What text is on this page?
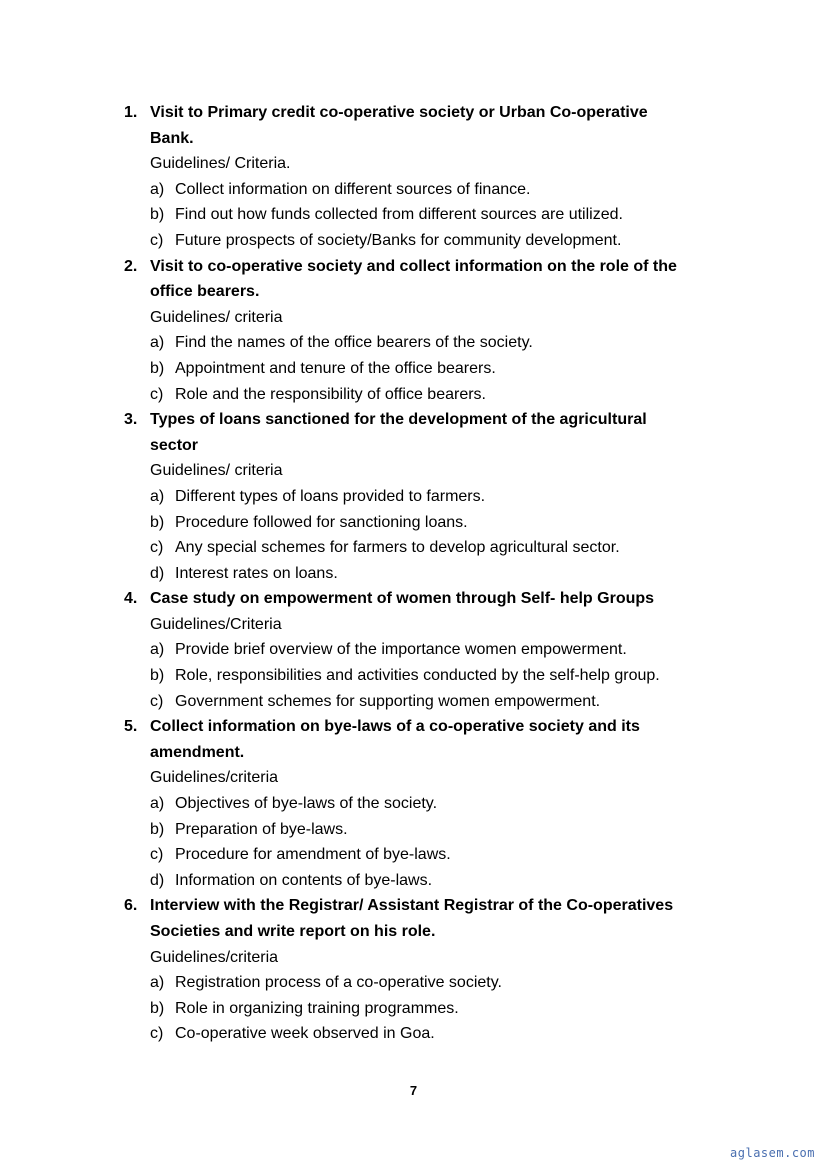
1. Visit to Primary credit co-operative society or Urban Co-operative
Bank.
Guidelines/ Criteria.
a) Collect information on different sources of finance.
b) Find out how funds collected from different sources are utilized.
c) Future prospects of society/Banks for community development.
2. Visit to co-operative society and collect information on the role of the
office bearers.
Guidelines/ criteria
a) Find the names of the office bearers of the society.
b) Appointment and tenure of the office bearers.
c) Role and the responsibility of office bearers.
3. Types of loans sanctioned for the development of the agricultural
sector
Guidelines/ criteria
a) Different types of loans provided to farmers.
b) Procedure followed for sanctioning loans.
c) Any special schemes for farmers to develop agricultural sector.
d) Interest rates on loans.
4. Case study on empowerment of women through Self- help Groups
Guidelines/Criteria
a) Provide brief overview of the importance women empowerment.
b) Role, responsibilities and activities conducted by the self-help group.
c) Government schemes for supporting women empowerment.
5. Collect information on bye-laws of a co-operative society and its
amendment.
Guidelines/criteria
a) Objectives of bye-laws of the society.
b) Preparation of bye-laws.
c) Procedure for amendment of bye-laws.
d) Information on contents of bye-laws.
6. Interview with the Registrar/ Assistant Registrar of the Co-operatives
Societies and write report on his role.
Guidelines/criteria
a) Registration process of a co-operative society.
b) Role in organizing training programmes.
c) Co-operative week observed in Goa.
7
aglasem.com
